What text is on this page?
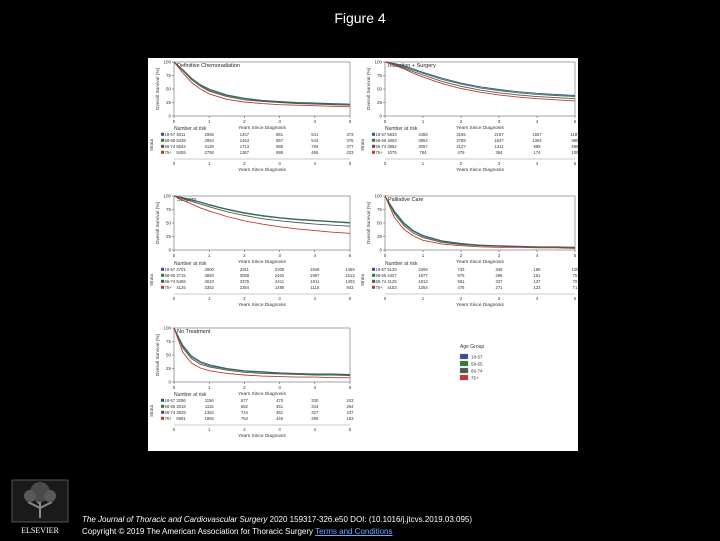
Figure 4
Definitive Chemoradiation
0
25
50
75
100
Overall Survival (%)
0	1	2	3	4	5
Years Since Diagnosis
Number at risk
Strata
18-57 6011	2956	1447	851	541	373
58-65 5438	2854	1463	857	542	375
66-74 5642	3130	1713	985	794	377
75+ 5455	2758	1367	895	465	223
0	1	2	3	4	5
Years Since Diagnosis
Induction + Surgery
0
25
50
75
100
Overall Survival (%)
0	1	2	3	4	5
Years Since Diagnosis
Number at risk
Strata
18-57 5833	4455	3165	2167	1557	1187
58-65 4863	3954	2768	1847	1354	985
66-74 3862	3057	2127	1411	989	698
75+ 1075	784	479	364	174	109
0	1	2	3	4	5
Years Since Diagnosis
Surgery
0
25
50
75
100
Overall Survival (%)
0	1	2	3	4	5
Years Since Diagnosis
Number at risk
Strata
18-57 4701	3900	2911	2305	1846	1459
58-65 4715	3850	3058	2402	1897	1512
66-74 5458	4610	3376	2411	1911	1403
75+ 4125	3352	2354	1495	1115	843
0	1	2	3	4	5
Years Since Diagnosis
Palliative Care
0
25
50
75
100
Overall Survival (%)
0	1	2	3	4	5
Years Since Diagnosis
Number at risk
Strata
18-57 5125	2306	733	345	186	125
58-65 4327	1877	675	296	151	75
66-74 4125	1813	561	337	137	70
75+ 4153	1354	476	271	123	71
0	1	2	3	4	5
Years Since Diagnosis
No Treatment
0
25
50
75
100
Overall Survival (%)
0	1	2	3	4	5
Years Since Diagnosis
Number at risk
Strata
18-57 3296	1156	677	470	330	243
58-65 3018	1115	662	451	344	254
66-74 3929	1352	724	461	327	237
75+ 6891	1862	753	446	290	183
0	1	2	3	4	5
Years Since Diagnosis
Age Group
18-57
58-65
66-74
75+
ELSEVIER
The Journal of Thoracic and Cardiovascular Surgery 2020 159317-326.e50 DOI: (10.1016/j.jtcvs.2019.03.095)
Copyright © 2019 The American Association for Thoracic Surgery Terms and Conditions
